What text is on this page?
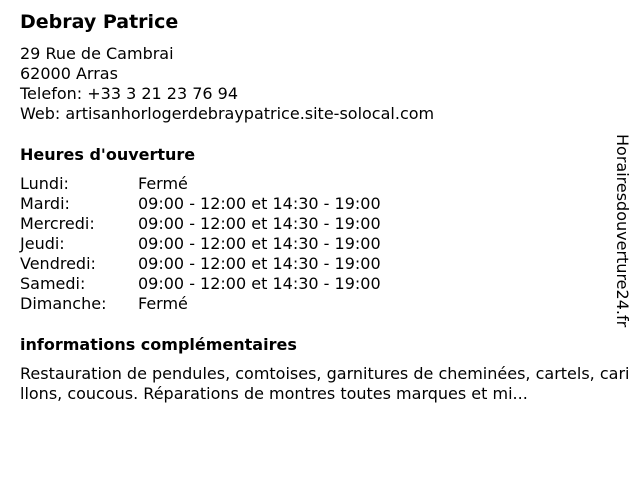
Debray Patrice
29 Rue de Cambrai
62000 Arras
Telefon: +33 3 21 23 76 94
Web: artisanhorlogerdebraypatrice.site-solocal.com
Heures d'ouverture
Lundi:	Fermé
Mardi:	09:00 - 12:00 et 14:30 - 19:00
Mercredi:	09:00 - 12:00 et 14:30 - 19:00
Jeudi:	09:00 - 12:00 et 14:30 - 19:00
Vendredi:	09:00 - 12:00 et 14:30 - 19:00
Samedi:	09:00 - 12:00 et 14:30 - 19:00
Dimanche: Fermé
informations complémentaires
Restauration de pendules, comtoises, garnitures de cheminées, cartels, carillons, coucous. Réparations de montres toutes marques et mi...
Horairesdouverture24.fr
